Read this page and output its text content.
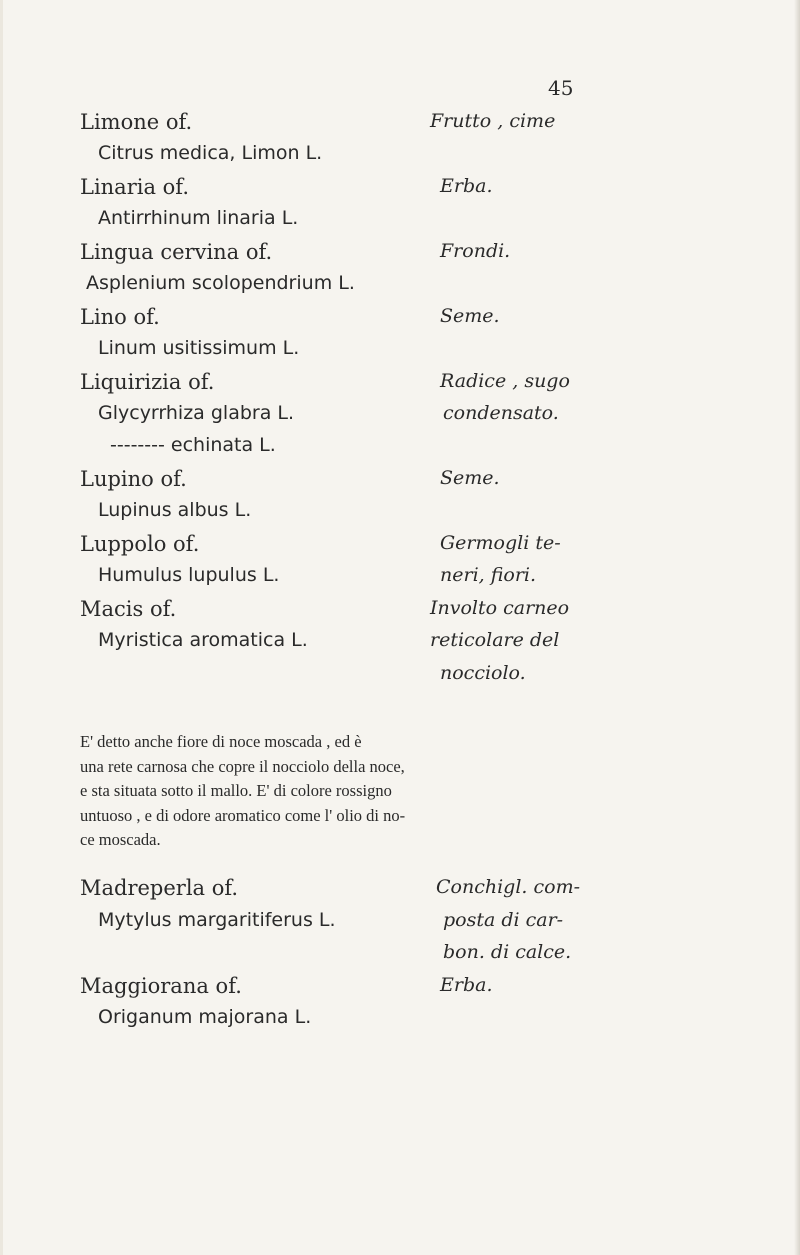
45
Limone of.	Frutto , cime
Citrus medica, Limon L.
Linaria of.	Erba.
Antirrhinum linaria L.
Lingua cervina of.	Frondi.
Asplenium scolopendrium L.
Lino of.	Seme.
Linum usitissimum L.
Liquirizia of.	Radice , sugo
Glycyrrhiza glabra L.	condensato.
-------- echinata L.
Lupino of.	Seme.
Lupinus albus L.
Luppolo of.	Germogli te-
Humulus lupulus L.	neri, fiori.
Macis of.	Involto carneo
Myristica aromatica L.	reticolare del
nocciolo.
E' detto anche fiore di noce moscada , ed è
una rete carnosa che copre il nocciolo della noce,
e sta situata sotto il mallo. E' di colore rossigno
untuoso , e di odore aromatico come l' olio di no-
ce moscada.
Madreperla of.	Conchigl. com-
Mytylus margaritiferus L.	posta di car-
bon. di calce.
Maggiorana of.	Erba.
Origanum majorana L.
